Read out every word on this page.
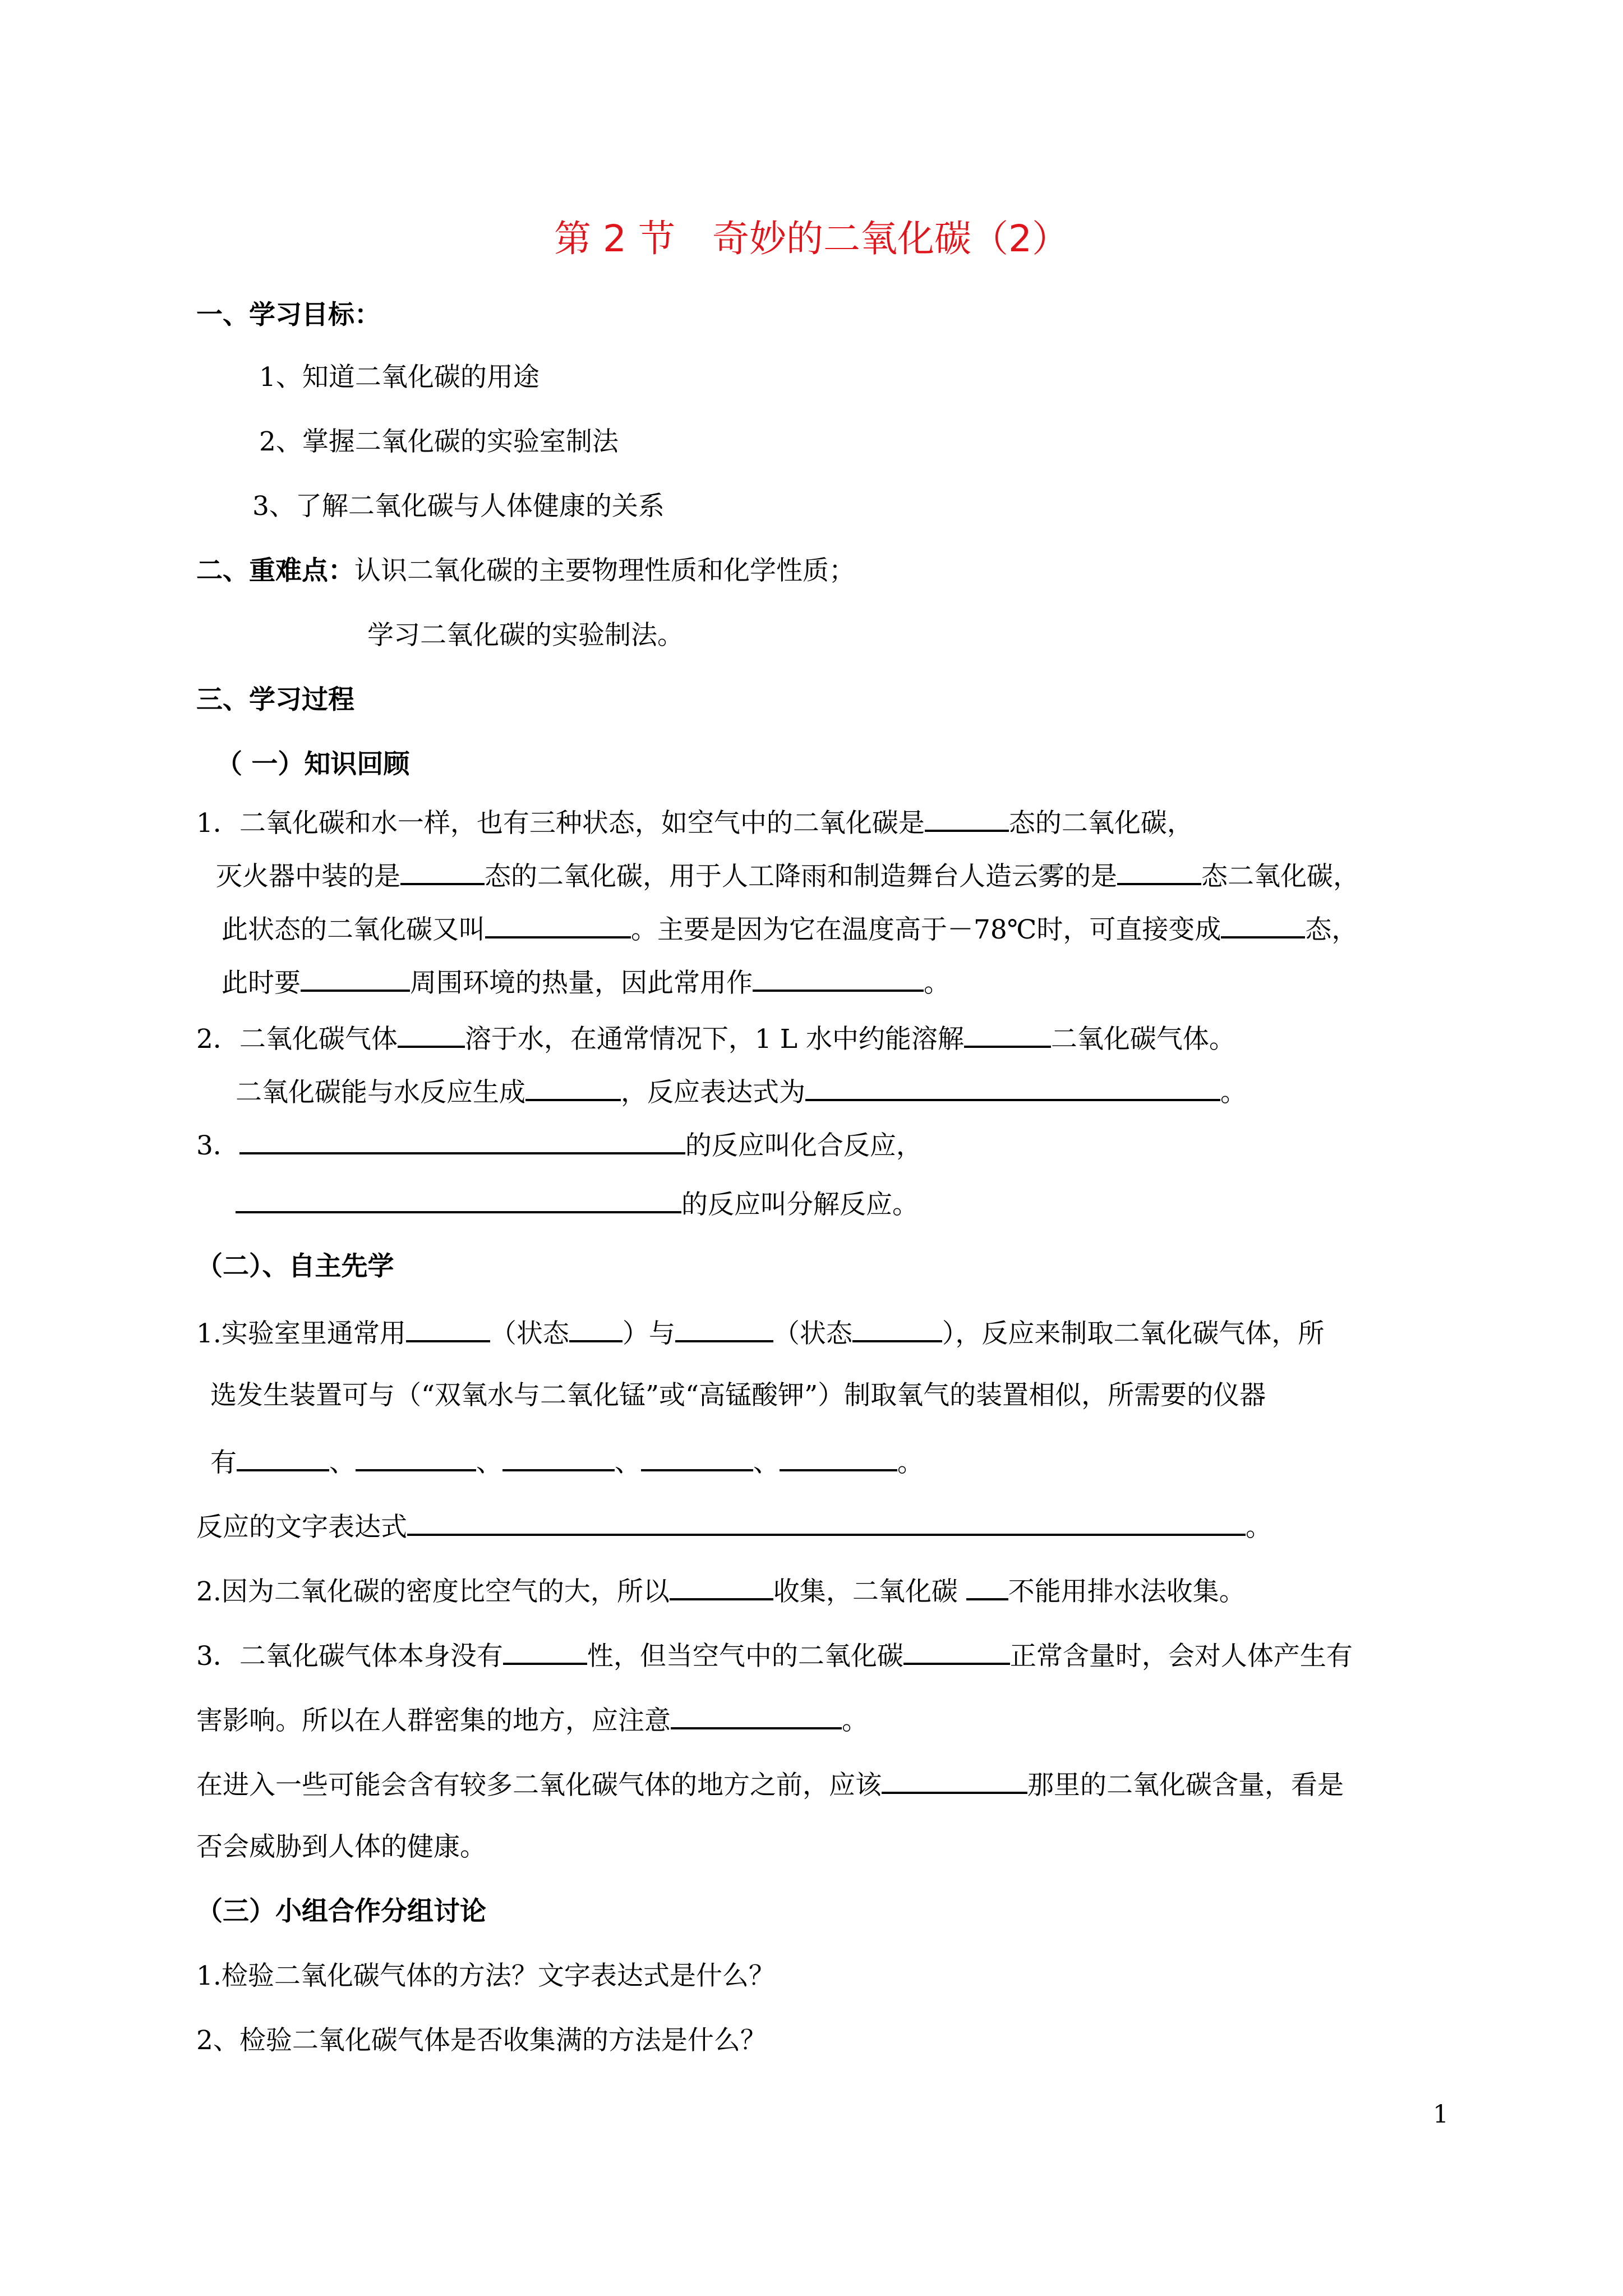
第 2 节　奇妙的二氧化碳（2）
一、学习目标：
1、知道二氧化碳的用途
2、掌握二氧化碳的实验室制法
3、了解二氧化碳与人体健康的关系
二、重难点：认识二氧化碳的主要物理性质和化学性质；
学习二氧化碳的实验制法。
三、学习过程
（ 一）知识回顾
1．二氧化碳和水一样，也有三种状态，如空气中的二氧化碳是	态的二氧化碳，
灭火器中装的是	态的二氧化碳，用于人工降雨和制造舞台人造云雾的是	态二氧化碳，
此状态的二氧化碳又叫	。主要是因为它在温度高于－78℃时，可直接变成	态，
此时要	周围环境的热量，因此常用作	。
2．二氧化碳气体	溶于水，在通常情况下，1 L 水中约能溶解	二氧化碳气体。
二氧化碳能与水反应生成	，反应表达式为	。
3．	的反应叫化合反应，
的反应叫分解反应。
（二）、自主先学
1.实验室里通常用	（状态 ）与	（状态	），反应来制取二氧化碳气体，所
选发生装置可与（“双氧水与二氧化锰”或“高锰酸钾”）制取氧气的装置相似，所需要的仪器
有	、	、	、	、	。
反应的文字表达式	。
2.因为二氧化碳的密度比空气的大，所以	收集，二氧化碳 不能用排水法收集。
3．二氧化碳气体本身没有	性，但当空气中的二氧化碳	正常含量时，会对人体产生有
害影响。所以在人群密集的地方，应注意	。
在进入一些可能会含有较多二氧化碳气体的地方之前，应该	那里的二氧化碳含量，看是
否会威胁到人体的健康。
（三）小组合作分组讨论
1.检验二氧化碳气体的方法？文字表达式是什么？
2、检验二氧化碳气体是否收集满的方法是什么？
1
